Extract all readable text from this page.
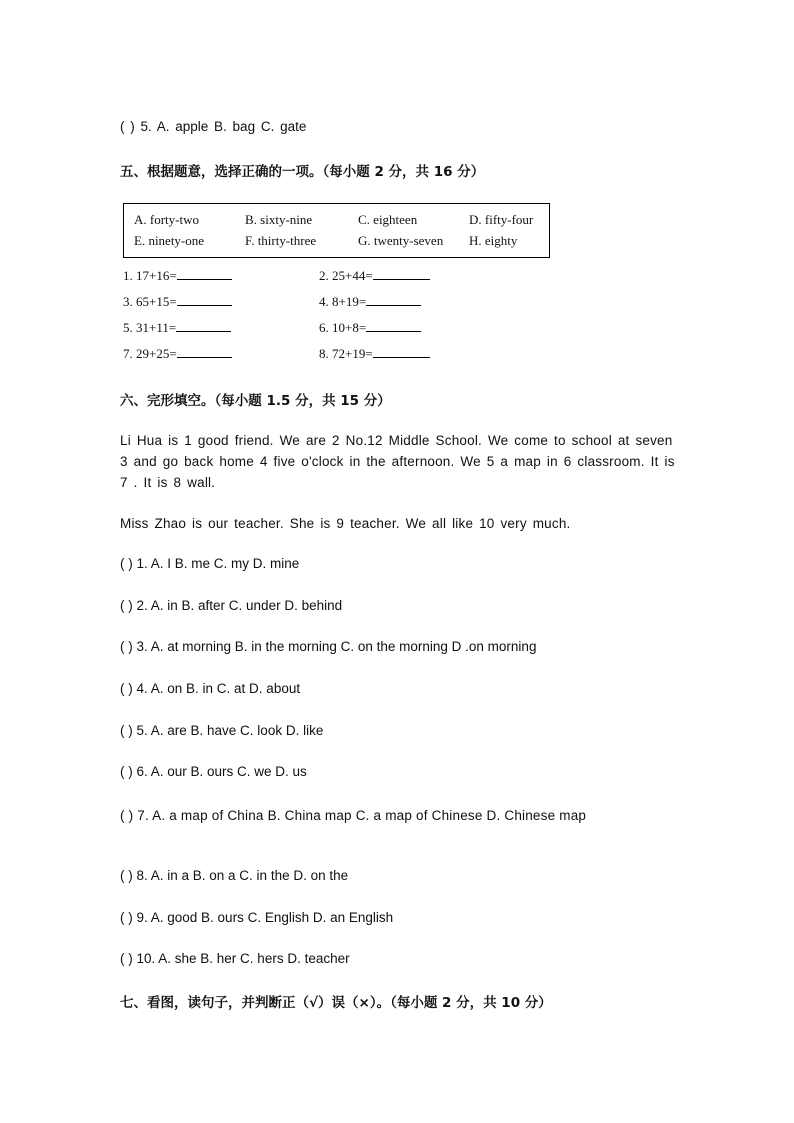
( ) 5. A. apple B. bag C. gate
五、根据题意，选择正确的一项。（每小题 2 分，共 16 分）
A. forty-two	B. sixty-nine	C. eighteen	D. fifty-four
E. ninety-one	F. thirty-three	G. twenty-seven H. eighty
1. 17+16=	2. 25+44=
3. 65+15=	4. 8+19=
5. 31+11=	6. 10+8=
7. 29+25=	8. 72+19=
六、完形填空。（每小题 1.5 分，共 15 分）
Li Hua is 1 good friend. We are 2 No.12 Middle School. We come to school at seven 3 and go back home 4 five o'clock in the afternoon. We 5 a map in 6 classroom. It is 7 . It is 8 wall.
Miss Zhao is our teacher. She is 9 teacher. We all like 10 very much.
( ) 1. A. I B. me C. my D. mine
( ) 2. A. in B. after C. under D. behind
( ) 3. A. at morning B. in the morning C. on the morning D .on morning
( ) 4. A. on B. in C. at D. about
( ) 5. A. are B. have C. look D. like
( ) 6. A. our B. ours C. we D. us
( ) 7. A. a map of China B. China map C. a map of Chinese D. Chinese map
( ) 8. A. in a B. on a C. in the D. on the
( ) 9. A. good B. ours C. English D. an English
( ) 10. A. she B. her C. hers D. teacher
七、看图，读句子，并判断正（√）误（×）。（每小题 2 分，共 10 分）
